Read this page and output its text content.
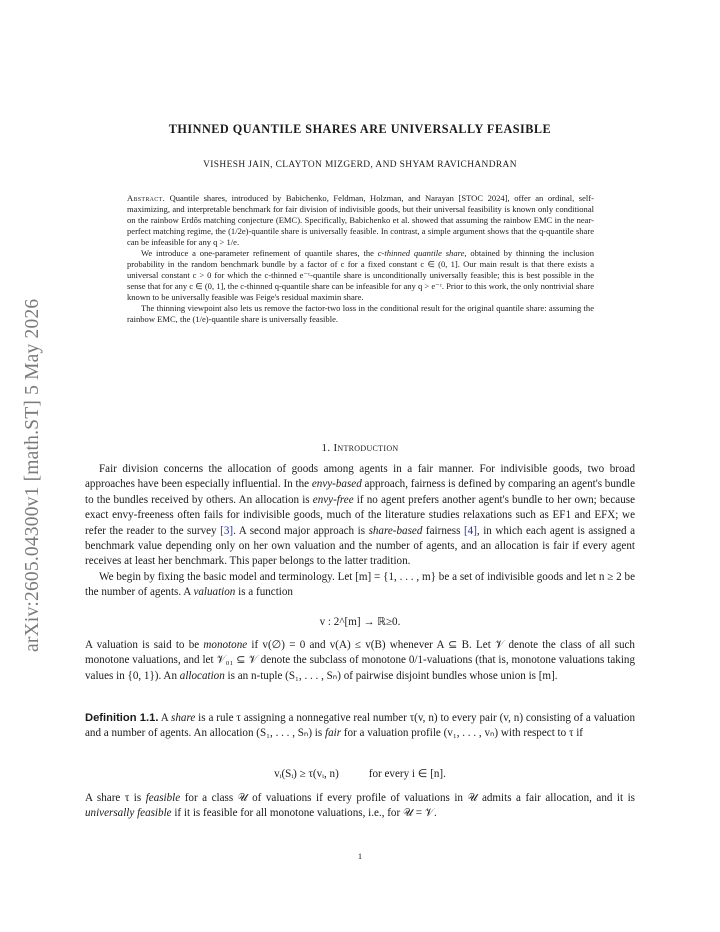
arXiv:2605.04300v1 [math.ST] 5 May 2026
THINNED QUANTILE SHARES ARE UNIVERSALLY FEASIBLE
VISHESH JAIN, CLAYTON MIZGERD, AND SHYAM RAVICHANDRAN

Abstract. Quantile shares, introduced by Babichenko, Feldman, Holzman, and Narayan [STOC 2024], offer an ordinal, self-maximizing, and interpretable benchmark for fair division of indivisible goods, but their universal feasibility is known only conditional on the rainbow Erdős matching conjecture (EMC). Specifically, Babichenko et al. showed that assuming the rainbow EMC in the near-perfect matching regime, the (1/2e)-quantile share is universally feasible. In contrast, a simple argument shows that the q-quantile share can be infeasible for any q > 1/e.

We introduce a one-parameter refinement of quantile shares, the c-thinned quantile share, obtained by thinning the inclusion probability in the random benchmark bundle by a factor of c for a fixed constant c ∈ (0, 1]. Our main result is that there exists a universal constant c > 0 for which the c-thinned e⁻ᶜ-quantile share is unconditionally universally feasible; this is best possible in the sense that for any c ∈ (0, 1], the c-thinned q-quantile share can be infeasible for any q > e⁻ᶜ. Prior to this work, the only nontrivial share known to be universally feasible was Feige's residual maximin share.

The thinning viewpoint also lets us remove the factor-two loss in the conditional result for the original quantile share: assuming the rainbow EMC, the (1/e)-quantile share is universally feasible.

1. Introduction

Fair division concerns the allocation of goods among agents in a fair manner. For indivisible goods, two broad approaches have been especially influential. In the envy-based approach, fairness is defined by comparing an agent's bundle to the bundles received by others. An allocation is envy-free if no agent prefers another agent's bundle to her own; because exact envy-freeness often fails for indivisible goods, much of the literature studies relaxations such as EF1 and EFX; we refer the reader to the survey [3]. A second major approach is share-based fairness [4], in which each agent is assigned a benchmark value depending only on her own valuation and the number of agents, and an allocation is fair if every agent receives at least her benchmark. This paper belongs to the latter tradition.

We begin by fixing the basic model and terminology. Let [m] = {1, . . . , m} be a set of indivisible goods and let n ≥ 2 be the number of agents. A valuation is a function

v : 2^[m] → ℝ≥0.

A valuation is said to be monotone if v(∅) = 0 and v(A) ≤ v(B) whenever A ⊆ B. Let 𝒱 denote the class of all such monotone valuations, and let 𝒱₀₁ ⊆ 𝒱 denote the subclass of monotone 0/1-valuations (that is, monotone valuations taking values in {0, 1}). An allocation is an n-tuple (S₁, . . . , Sₙ) of pairwise disjoint bundles whose union is [m].

Definition 1.1. A share is a rule τ assigning a nonnegative real number τ(v, n) to every pair (v, n) consisting of a valuation and a number of agents. An allocation (S₁, . . . , Sₙ) is fair for a valuation profile (v₁, . . . , vₙ) with respect to τ if

vᵢ(Sᵢ) ≥ τ(vᵢ, n)	for every i ∈ [n].

A share τ is feasible for a class 𝒰 of valuations if every profile of valuations in 𝒰 admits a fair allocation, and it is universally feasible if it is feasible for all monotone valuations, i.e., for 𝒰 = 𝒱.

1
